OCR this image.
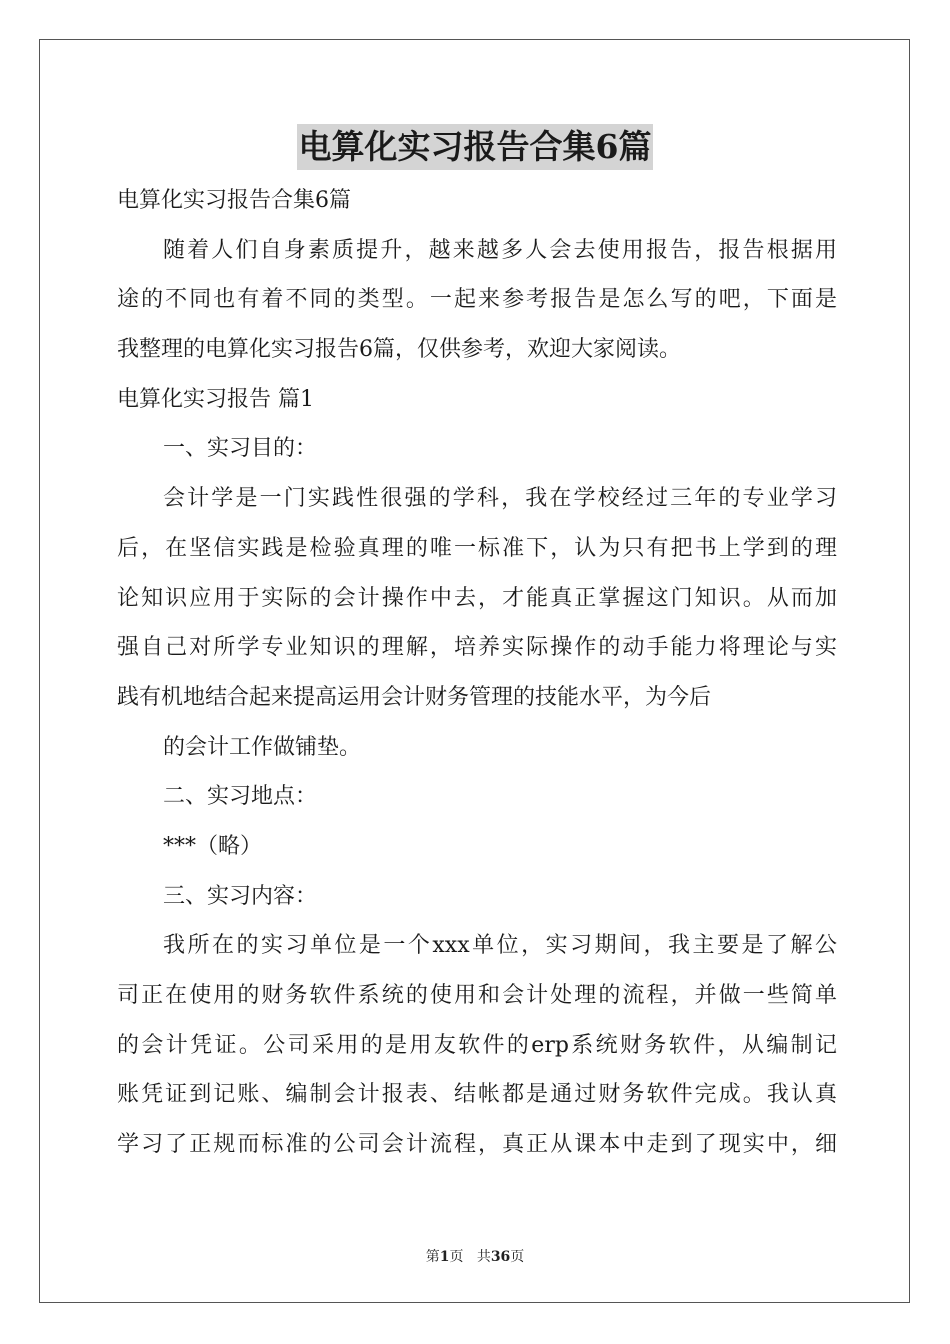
电算化实习报告合集6篇
电算化实习报告合集6篇
随着人们自身素质提升，越来越多人会去使用报告，报告根据用
途的不同也有着不同的类型。一起来参考报告是怎么写的吧，下面是
我整理的电算化实习报告6篇，仅供参考，欢迎大家阅读。
电算化实习报告 篇1
一、实习目的：
会计学是一门实践性很强的学科，我在学校经过三年的专业学习
后，在坚信实践是检验真理的唯一标准下，认为只有把书上学到的理
论知识应用于实际的会计操作中去，才能真正掌握这门知识。从而加
强自己对所学专业知识的理解，培养实际操作的动手能力将理论与实
践有机地结合起来提高运用会计财务管理的技能水平，为今后
的会计工作做铺垫。
二、实习地点：
***（略）
三、实习内容：
我所在的实习单位是一个xxx单位，实习期间，我主要是了解公
司正在使用的财务软件系统的使用和会计处理的流程，并做一些简单
的会计凭证。公司采用的是用友软件的erp系统财务软件，从编制记
账凭证到记账、编制会计报表、结帐都是通过财务软件完成。我认真
学习了正规而标准的公司会计流程，真正从课本中走到了现实中，细
第1页 共36页
